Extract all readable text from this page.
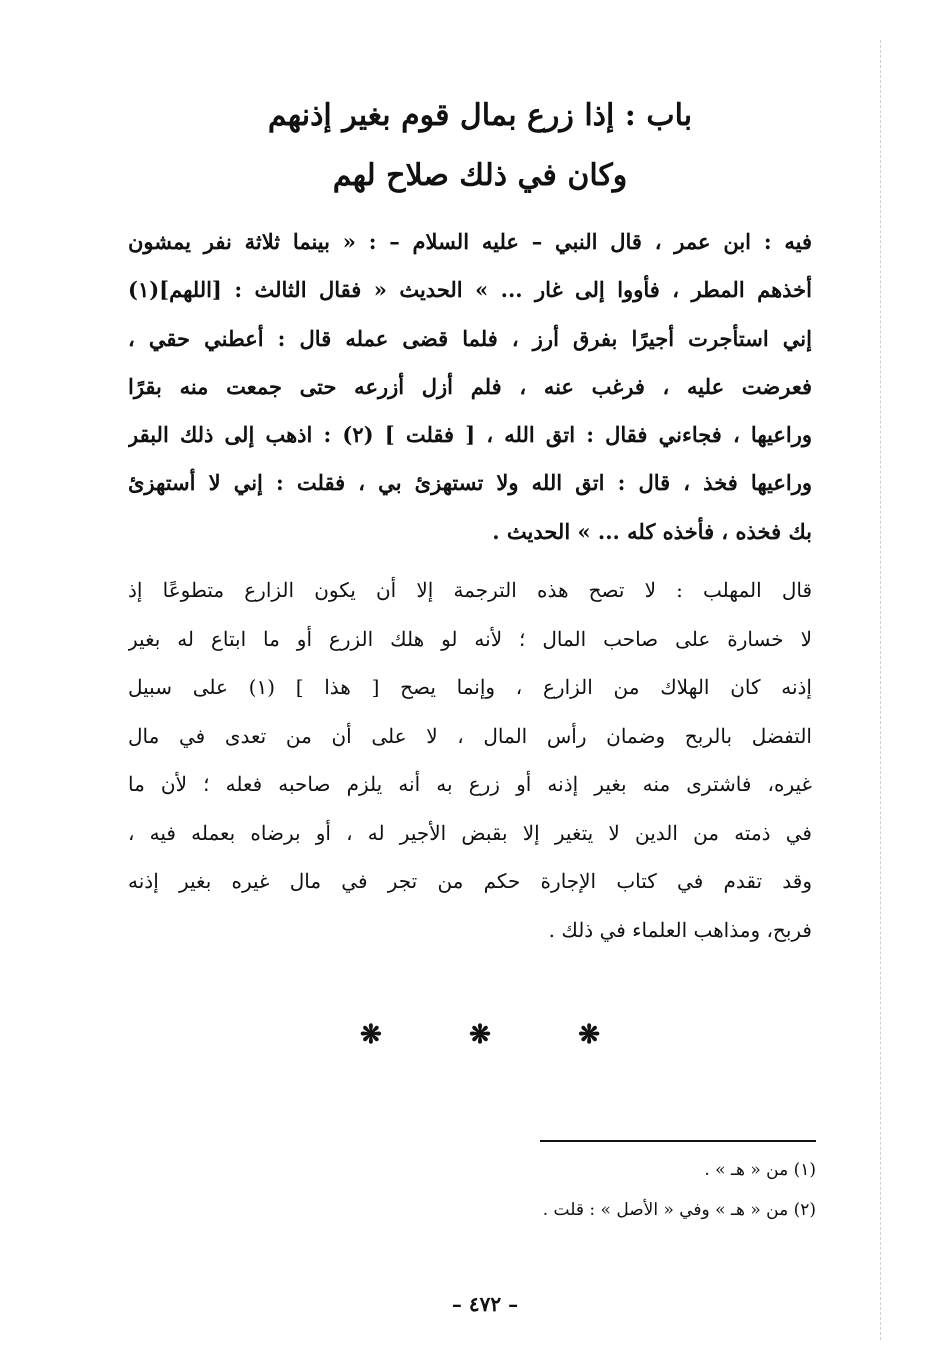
باب : إذا زرع بمال قوم بغير إذنهم
وكان في ذلك صلاح لهم
فيه : ابن عمر ، قال النبي – عليه السلام – : « بينما ثلاثة نفر يمشون
أخذهم المطر ، فأووا إلى غار ... » الحديث « فقال الثالث : [اللهم](١)
إني استأجرت أجيرًا بفرق أرز ، فلما قضى عمله قال : أعطني حقي ،
فعرضت عليه ، فرغب عنه ، فلم أزل أزرعه حتى جمعت منه بقرًا
وراعيها ، فجاءني فقال : اتق الله ، [ فقلت ] (٢) : اذهب إلى ذلك البقر
وراعيها فخذ ، قال : اتق الله ولا تستهزئ بي ، فقلت : إني لا أستهزئ
بك فخذه ، فأخذه كله ... » الحديث .
قال المهلب : لا تصح هذه الترجمة إلا أن يكون الزارع متطوعًا إذ
لا خسارة على صاحب المال ؛ لأنه لو هلك الزرع أو ما ابتاع له بغير
إذنه كان الهلاك من الزارع ، وإنما يصح [ هذا ] (١) على سبيل
التفضل بالربح وضمان رأس المال ، لا على أن من تعدى في مال
غيره، فاشترى منه بغير إذنه أو زرع به أنه يلزم صاحبه فعله ؛ لأن ما
في ذمته من الدين لا يتغير إلا بقبض الأجير له ، أو برضاه بعمله فيه ،
وقد تقدم في كتاب الإجارة حكم من تجر في مال غيره بغير إذنه
فربح، ومذاهب العلماء في ذلك .
❋
❋
❋
(١) من « هـ » .
(٢) من « هـ » وفي « الأصل » : قلت .
– ٤٧٢ –
